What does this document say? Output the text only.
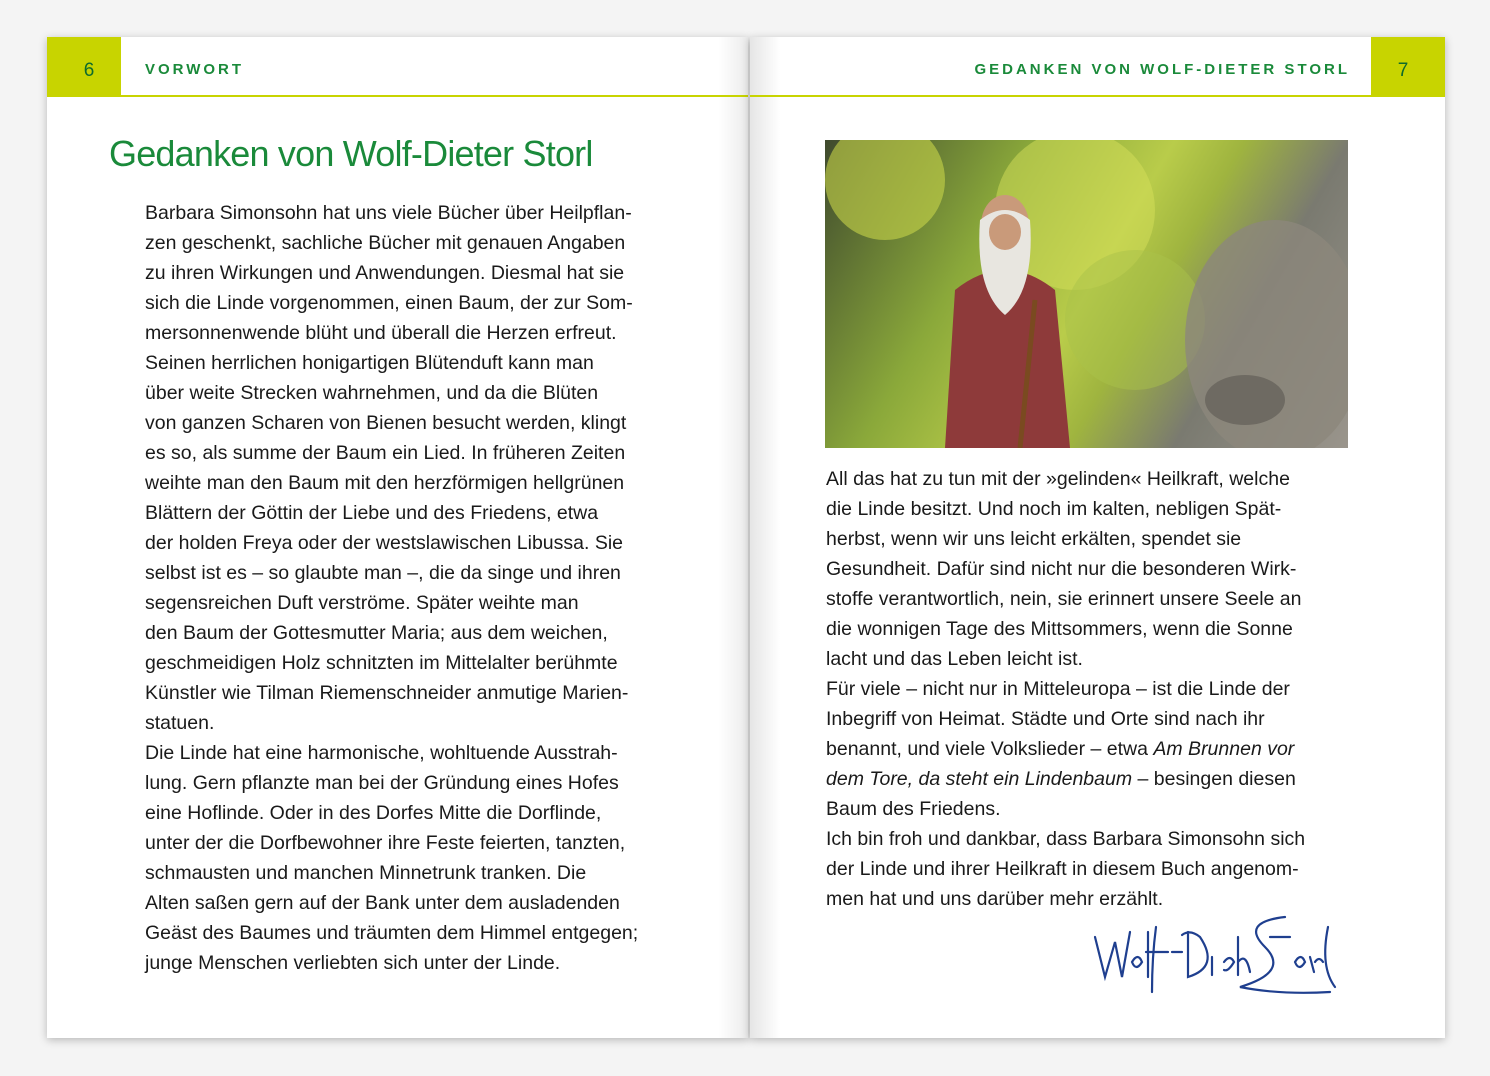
6	VORWORT
Gedanken von Wolf-Dieter Storl
Barbara Simonsohn hat uns viele Bücher über Heilpflan-
zen geschenkt, sachliche Bücher mit genauen Angaben
zu ihren Wirkungen und Anwendungen. Diesmal hat sie
sich die Linde vorgenommen, einen Baum, der zur Som-
mersonnenwende blüht und überall die Herzen erfreut.
Seinen herrlichen honigartigen Blütenduft kann man
über weite Strecken wahrnehmen, und da die Blüten
von ganzen Scharen von Bienen besucht werden, klingt
es so, als summe der Baum ein Lied. In früheren Zeiten
weihte man den Baum mit den herzförmigen hellgrünen
Blättern der Göttin der Liebe und des Friedens, etwa
der holden Freya oder der westslawischen Libussa. Sie
selbst ist es – so glaubte man –, die da singe und ihren
segensreichen Duft verströme. Später weihte man
den Baum der Gottesmutter Maria; aus dem weichen,
geschmeidigen Holz schnitzten im Mittelalter berühmte
Künstler wie Tilman Riemenschneider anmutige Marien-
statuen.
Die Linde hat eine harmonische, wohltuende Ausstrah-
lung. Gern pflanzte man bei der Gründung eines Hofes
eine Hoflinde. Oder in des Dorfes Mitte die Dorflinde,
unter der die Dorfbewohner ihre Feste feierten, tanzten,
schmausten und manchen Minnetrunk tranken. Die
Alten saßen gern auf der Bank unter dem ausladenden
Geäst des Baumes und träumten dem Himmel entgegen;
junge Menschen verliebten sich unter der Linde.
7
GEDANKEN VON WOLF-DIETER STORL
All das hat zu tun mit der »gelinden« Heilkraft, welche
die Linde besitzt. Und noch im kalten, nebligen Spät-
herbst, wenn wir uns leicht erkälten, spendet sie
Gesundheit. Dafür sind nicht nur die besonderen Wirk-
stoffe verantwortlich, nein, sie erinnert unsere Seele an
die wonnigen Tage des Mittsommers, wenn die Sonne
lacht und das Leben leicht ist.
Für viele – nicht nur in Mitteleuropa – ist die Linde der
Inbegriff von Heimat. Städte und Orte sind nach ihr
benannt, und viele Volkslieder – etwa Am Brunnen vor
dem Tore, da steht ein Lindenbaum – besingen diesen
Baum des Friedens.
Ich bin froh und dankbar, dass Barbara Simonsohn sich
der Linde und ihrer Heilkraft in diesem Buch angenom-
men hat und uns darüber mehr erzählt.
